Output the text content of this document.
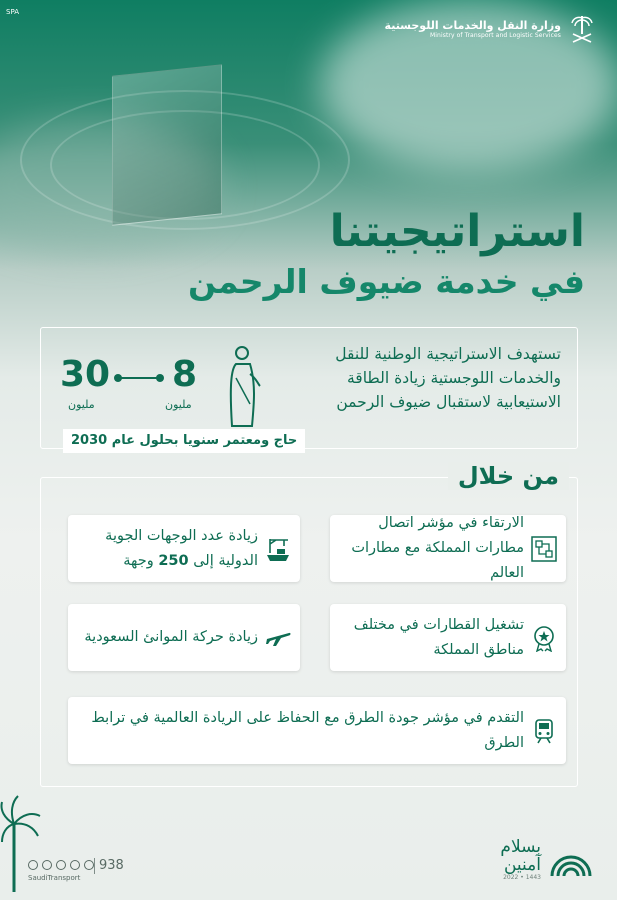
SPA
وزارة النقل والخدمات اللوجستية
Ministry of Transport and Logistic Services
استراتيجيتنا
في خدمة ضيوف الرحمن
تستهدف الاستراتيجية الوطنية للنقل والخدمات اللوجستية زيادة الطاقة الاستيعابية لاستقبال ضيوف الرحمن
8
مليون
30
مليون
حاج ومعتمر سنويا بحلول عام 2030
من خلال
الارتقاء في مؤشر اتصال مطارات المملكة مع مطارات العالم
زيادة عدد الوجهات الجوية الدولية إلى 250 وجهة
تشغيل القطارات في مختلف مناطق المملكة
زيادة حركة الموانئ السعودية
التقدم في مؤشر جودة الطرق مع الحفاظ على الريادة العالمية في ترابط الطرق
SaudiTransport
938
بسلام
آمنين
2022 • 1443
